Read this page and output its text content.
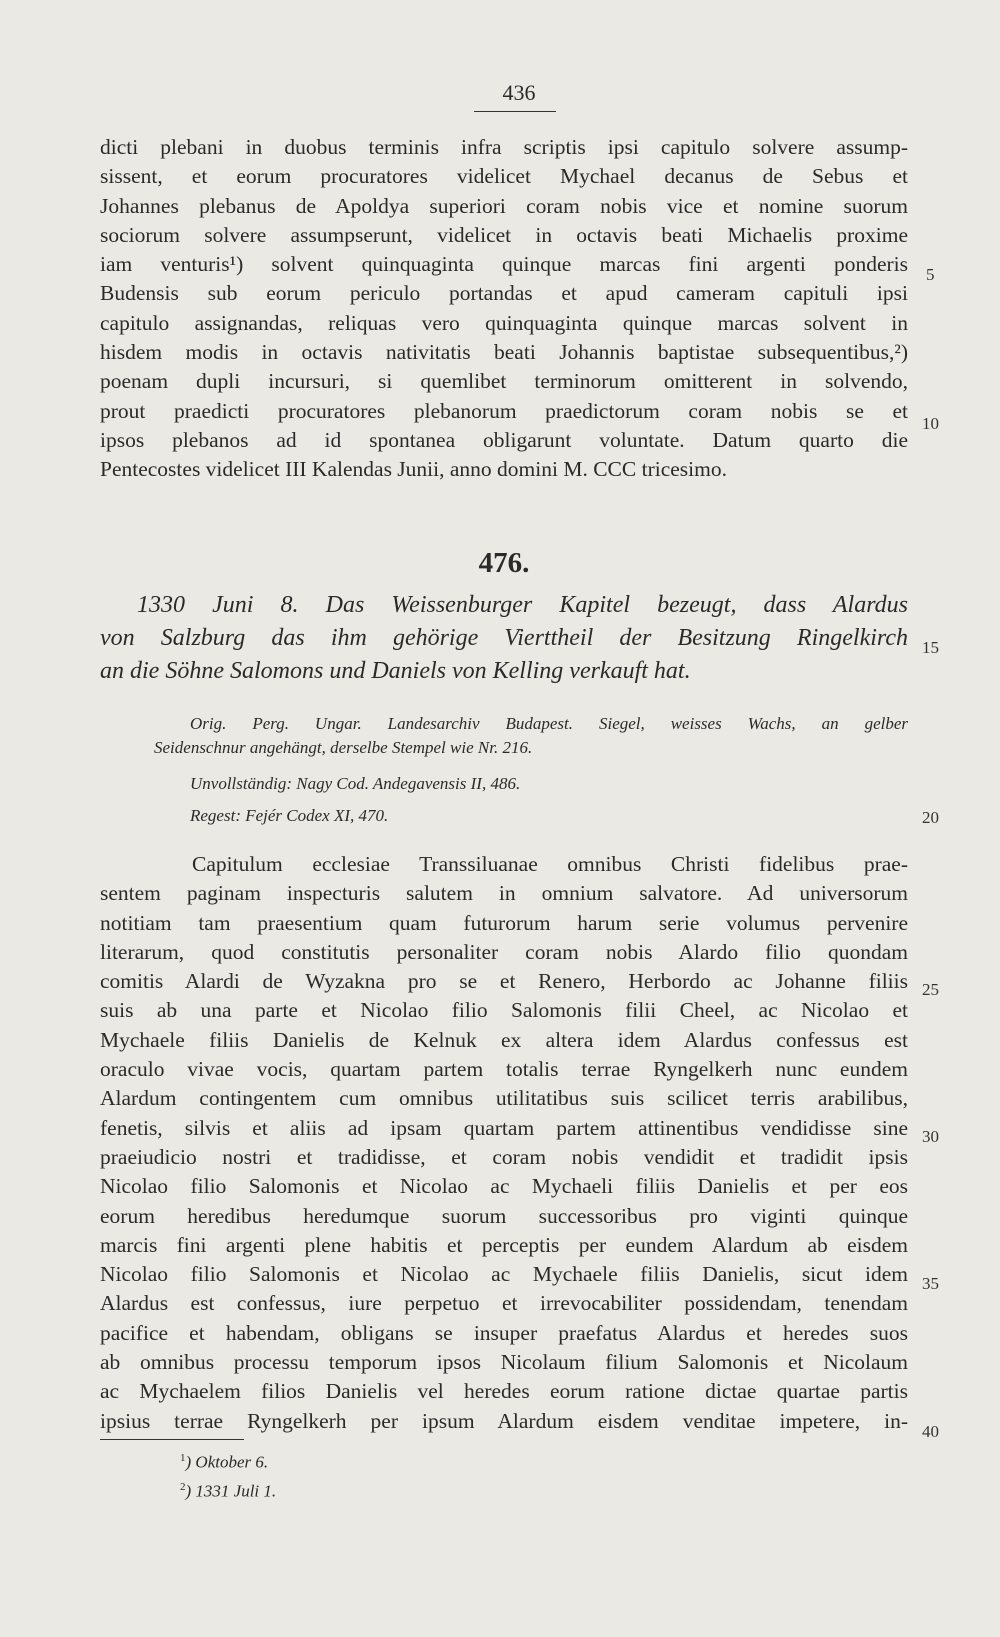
436
dicti plebani in duobus terminis infra scriptis ipsi capitulo solvere assump-
sissent, et eorum procuratores videlicet Mychael decanus de Sebus et
Johannes plebanus de Apoldya superiori coram nobis vice et nomine suorum
sociorum solvere assumpserunt, videlicet in octavis beati Michaelis proxime
iam venturis¹) solvent quinquaginta quinque marcas fini argenti ponderis
Budensis sub eorum periculo portandas et apud cameram capituli ipsi
capitulo assignandas, reliquas vero quinquaginta quinque marcas solvent in
hisdem modis in octavis nativitatis beati Johannis baptistae subsequentibus,²)
poenam dupli incursuri, si quemlibet terminorum omitterent in solvendo,
prout praedicti procuratores plebanorum praedictorum coram nobis se et
ipsos plebanos ad id spontanea obligarunt voluntate. Datum quarto die
Pentecostes videlicet III Kalendas Junii, anno domini M. CCC tricesimo.
476.
1330 Juni 8. Das Weissenburger Kapitel bezeugt, dass Alardus
von Salzburg das ihm gehörige Vierttheil der Besitzung Ringelkirch
an die Söhne Salomons und Daniels von Kelling verkauft hat.
Orig. Perg. Ungar. Landesarchiv Budapest. Siegel, weisses Wachs, an gelber
Seidenschnur angehängt, derselbe Stempel wie Nr. 216.
Unvollständig: Nagy Cod. Andegavensis II, 486.
Regest: Fejér Codex XI, 470.
Capitulum ecclesiae Transsiluanae omnibus Christi fidelibus prae-
sentem paginam inspecturis salutem in omnium salvatore. Ad universorum
notitiam tam praesentium quam futurorum harum serie volumus pervenire
literarum, quod constitutis personaliter coram nobis Alardo filio quondam
comitis Alardi de Wyzakna pro se et Renero, Herbordo ac Johanne filiis
suis ab una parte et Nicolao filio Salomonis filii Cheel, ac Nicolao et
Mychaele filiis Danielis de Kelnuk ex altera idem Alardus confessus est
oraculo vivae vocis, quartam partem totalis terrae Ryngelkerh nunc eundem
Alardum contingentem cum omnibus utilitatibus suis scilicet terris arabilibus,
fenetis, silvis et aliis ad ipsam quartam partem attinentibus vendidisse sine
praeiudicio nostri et tradidisse, et coram nobis vendidit et tradidit ipsis
Nicolao filio Salomonis et Nicolao ac Mychaeli filiis Danielis et per eos
eorum heredibus heredumque suorum successoribus pro viginti quinque
marcis fini argenti plene habitis et perceptis per eundem Alardum ab eisdem
Nicolao filio Salomonis et Nicolao ac Mychaele filiis Danielis, sicut idem
Alardus est confessus, iure perpetuo et irrevocabiliter possidendam, tenendam
pacifice et habendam, obligans se insuper praefatus Alardus et heredes suos
ab omnibus processu temporum ipsos Nicolaum filium Salomonis et Nicolaum
ac Mychaelem filios Danielis vel heredes eorum ratione dictae quartae partis
ipsius terrae Ryngelkerh per ipsum Alardum eisdem venditae impetere, in-
5
10
15
20
25
30
35
40
$^1$) Oktober 6.
$^2$) 1331 Juli 1.
